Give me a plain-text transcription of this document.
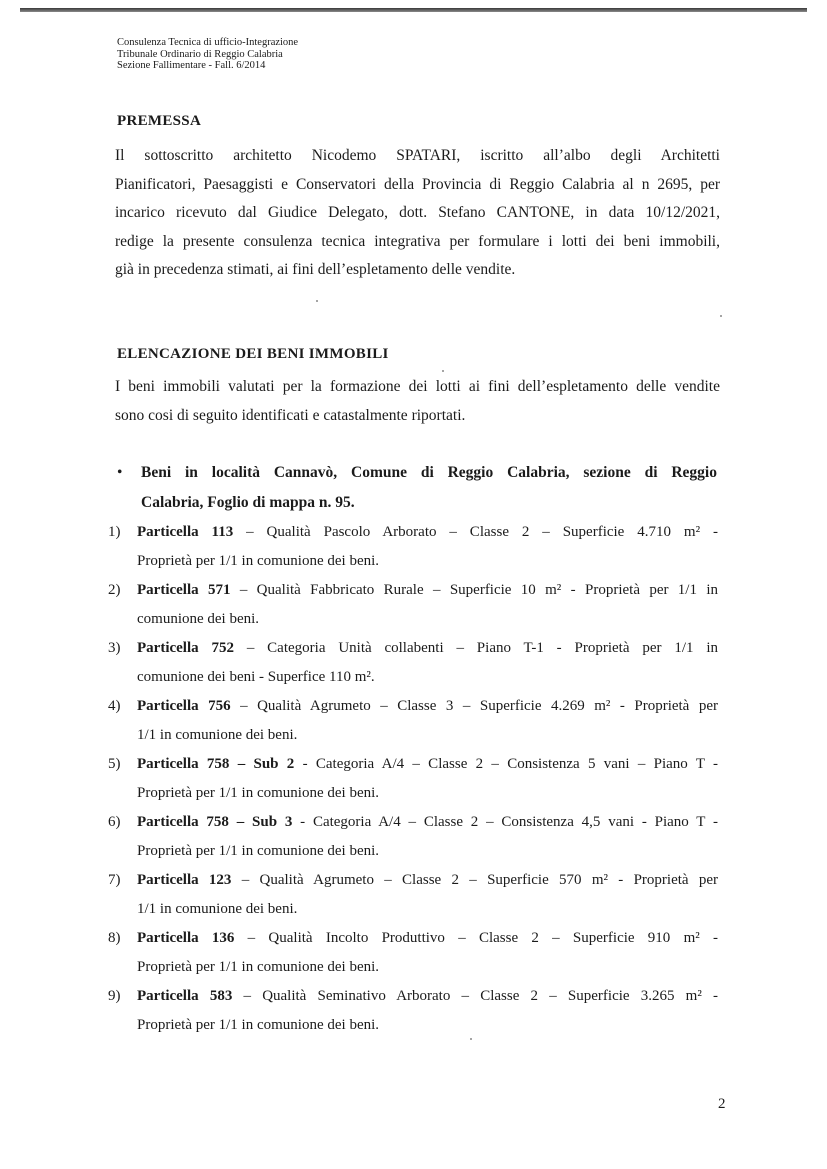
Consulenza Tecnica di ufficio-Integrazione
Tribunale Ordinario di Reggio Calabria
Sezione Fallimentare - Fall. 6/2014
PREMESSA
Il sottoscritto architetto Nicodemo SPATARI, iscritto all’albo degli Architetti
Pianificatori, Paesaggisti e Conservatori della Provincia di Reggio Calabria al n 2695, per
incarico ricevuto dal Giudice Delegato, dott. Stefano CANTONE, in data 10/12/2021,
redige la presente consulenza tecnica integrativa per formulare i lotti dei beni immobili,
già in precedenza stimati, ai fini dell’espletamento delle vendite.
ELENCAZIONE DEI BENI IMMOBILI
I beni immobili valutati per la formazione dei lotti ai fini dell’espletamento delle vendite
sono cosi di seguito identificati e catastalmente riportati.
• Beni in località Cannavò, Comune di Reggio Calabria, sezione di Reggio
Calabria, Foglio di mappa n. 95.
1)	Particella 113 – Qualità Pascolo Arborato – Classe 2 – Superficie 4.710 m² -
Proprietà per 1/1 in comunione dei beni.
2)	Particella 571 – Qualità Fabbricato Rurale – Superficie 10 m² - Proprietà per 1/1 in
comunione dei beni.
3)	Particella 752 – Categoria Unità collabenti – Piano T-1 - Proprietà per 1/1 in
comunione dei beni - Superfice 110 m².
4)	Particella 756 – Qualità Agrumeto – Classe 3 – Superficie 4.269 m² - Proprietà per
1/1 in comunione dei beni.
5)	Particella 758 – Sub 2 - Categoria A/4 – Classe 2 – Consistenza 5 vani – Piano T -
Proprietà per 1/1 in comunione dei beni.
6)	Particella 758 – Sub 3 - Categoria A/4 – Classe 2 – Consistenza 4,5 vani - Piano T -
Proprietà per 1/1 in comunione dei beni.
7)	Particella 123 – Qualità Agrumeto – Classe 2 – Superficie 570 m² - Proprietà per
1/1 in comunione dei beni.
8)	Particella 136 – Qualità Incolto Produttivo – Classe 2 – Superficie 910 m² -
Proprietà per 1/1 in comunione dei beni.
9)	Particella 583 – Qualità Seminativo Arborato – Classe 2 – Superficie 3.265 m² -
Proprietà per 1/1 in comunione dei beni.
2
